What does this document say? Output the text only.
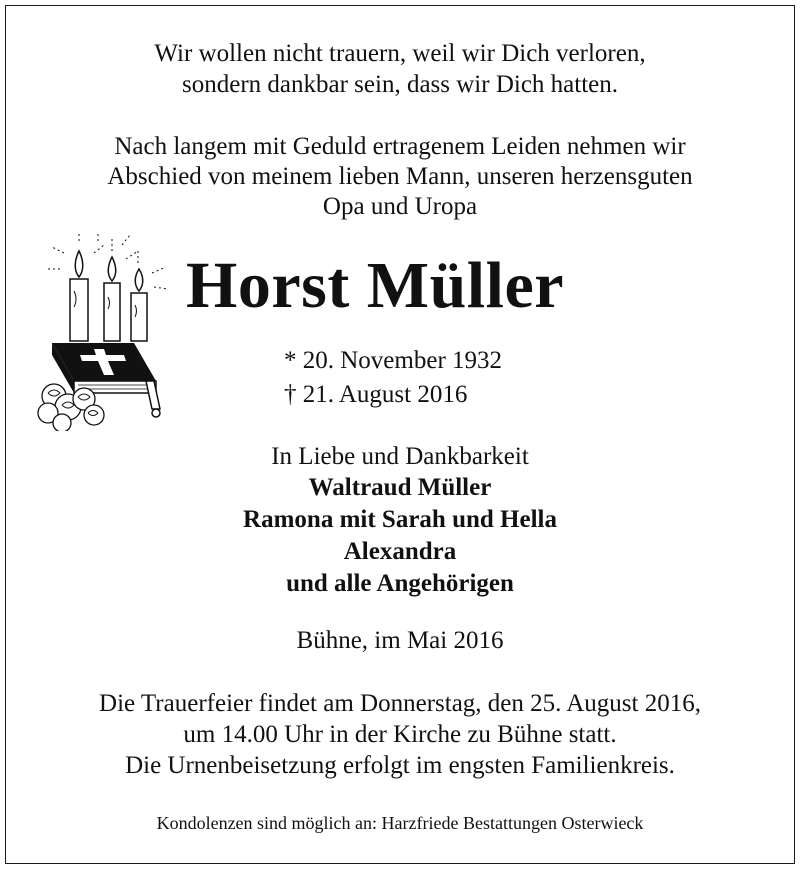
Wir wollen nicht trauern, weil wir Dich verloren,
sondern dankbar sein, dass wir Dich hatten.
Nach langem mit Geduld ertragenem Leiden nehmen wir
Abschied von meinem lieben Mann, unseren herzensguten
Opa und Uropa
Horst Müller
* 20. November 1932
† 21. August 2016
In Liebe und Dankbarkeit
Waltraud Müller
Ramona mit Sarah und Hella
Alexandra
und alle Angehörigen
Bühne, im Mai 2016
Die Trauerfeier findet am Donnerstag, den 25. August 2016,
um 14.00 Uhr in der Kirche zu Bühne statt.
Die Urnenbeisetzung erfolgt im engsten Familienkreis.
Kondolenzen sind möglich an: Harzfriede Bestattungen Osterwieck
